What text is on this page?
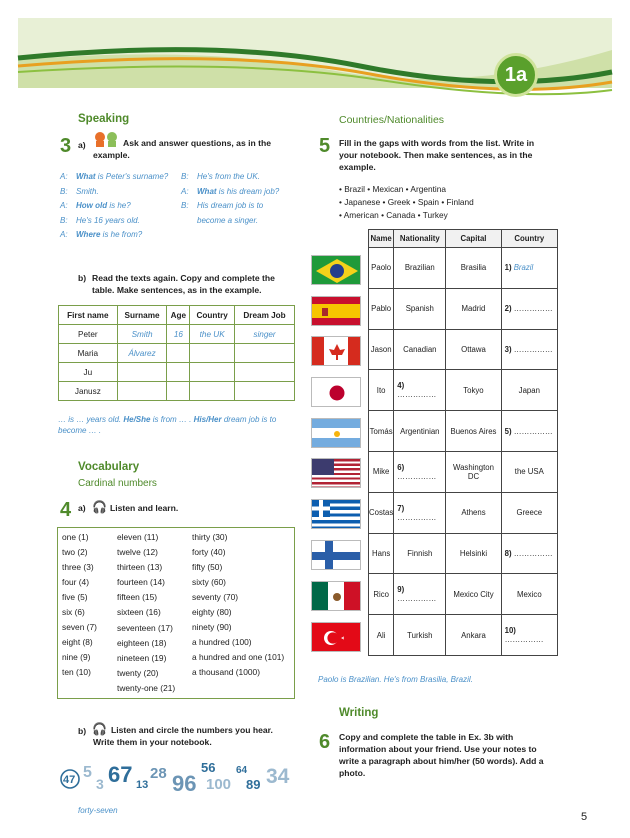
1a
Speaking
3 a)	Ask and answer questions, as in the example.
A:	What is Peter's surname?
B:	Smith.
A:	How old is he?
B:	He's 16 years old.
A:	Where is he from?
B:	He's from the UK.
A:	What is his dream job?
B:	His dream job is to become a singer.
b) Read the texts again. Copy and complete the table. Make sentences, as in the example.
First name	Surname	Age	Country	Dream Job
Peter	Smith	16	the UK	singer
Maria	Álvarez			
Ju				
Janusz				
… is … years old. He/She is from … . His/Her dream job is to become … .
Vocabulary
Cardinal numbers
4 a) 🎧 Listen and learn.
one (1)
two (2)
three (3)
four (4)
five (5)
six (6)
seven (7)
eight (8)
nine (9)
ten (10)
eleven (11)
twelve (12)
thirteen (13)
fourteen (14)
fifteen (15)
sixteen (16)
seventeen (17)
eighteen (18)
nineteen (19)
twenty (20)
twenty-one (21)
thirty (30)
forty (40)
fifty (50)
sixty (60)
seventy (70)
eighty (80)
ninety (90)
a hundred (100)
a hundred and one (101)
a thousand (1000)
b) 🎧 Listen and circle the numbers you hear. Write them in your notebook.
47 5
3 67 13
28 96
56
100
64
89 34
forty-seven
Countries/Nationalities
5 Fill in the gaps with words from the list. Write in your notebook. Then make sentences, as in the example.
• Brazil • Mexican • Argentina
• Japanese • Greek • Spain • Finland
• American • Canada • Turkey
Name	Nationality	Capital	Country
Paolo	Brazilian	Brasilia	1) Brazil
Pablo	Spanish	Madrid	2) ……………
Jason	Canadian	Ottawa	3) ……………
Ito	4) ……………	Tokyo	Japan
Tomás	Argentinian	Buenos Aires	5) ……………
Mike	6) ……………	Washington DC	the USA
Costas	7) ……………	Athens	Greece
Hans	Finnish	Helsinki	8) ……………
Rico	9) ……………	Mexico City	Mexico
Ali	Turkish	Ankara	10) ……………
Paolo is Brazilian. He's from Brasilia, Brazil.
Writing
6 Copy and complete the table in Ex. 3b with information about your friend. Use your notes to write a paragraph about him/her (50 words). Add a photo.
5
